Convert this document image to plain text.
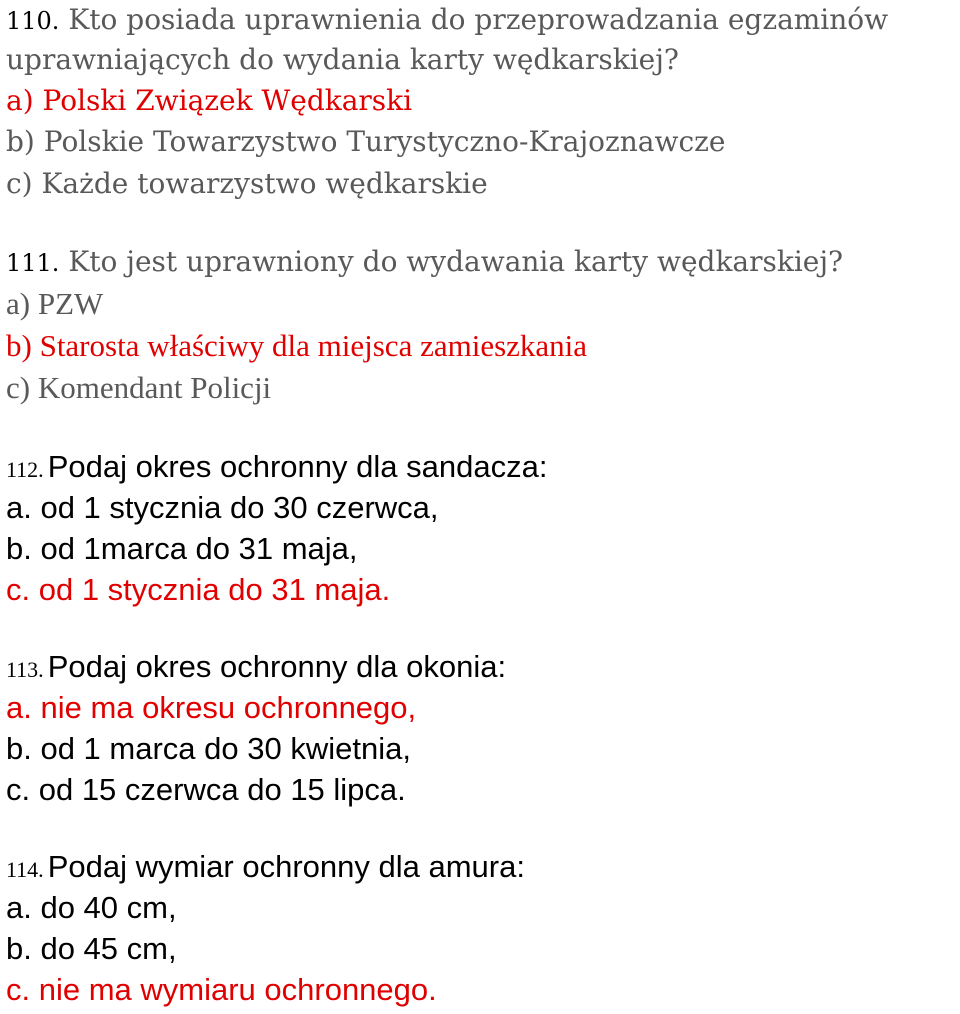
110. Kto posiada uprawnienia do przeprowadzania egzaminów
uprawniających do wydania karty wędkarskiej?
a) Polski Związek Wędkarski
b) Polskie Towarzystwo Turystyczno-Krajoznawcze
c) Każde towarzystwo wędkarskie
111. Kto jest uprawniony do wydawania karty wędkarskiej?
a) PZW
b) Starosta właściwy dla miejsca zamieszkania
c) Komendant Policji
112. Podaj okres ochronny dla sandacza:
a. od 1 stycznia do 30 czerwca,
b. od 1marca do 31 maja,
c. od 1 stycznia do 31 maja.
113. Podaj okres ochronny dla okonia:
a. nie ma okresu ochronnego,
b. od 1 marca do 30 kwietnia,
c. od 15 czerwca do 15 lipca.
114. Podaj wymiar ochronny dla amura:
a. do 40 cm,
b. do 45 cm,
c. nie ma wymiaru ochronnego.
